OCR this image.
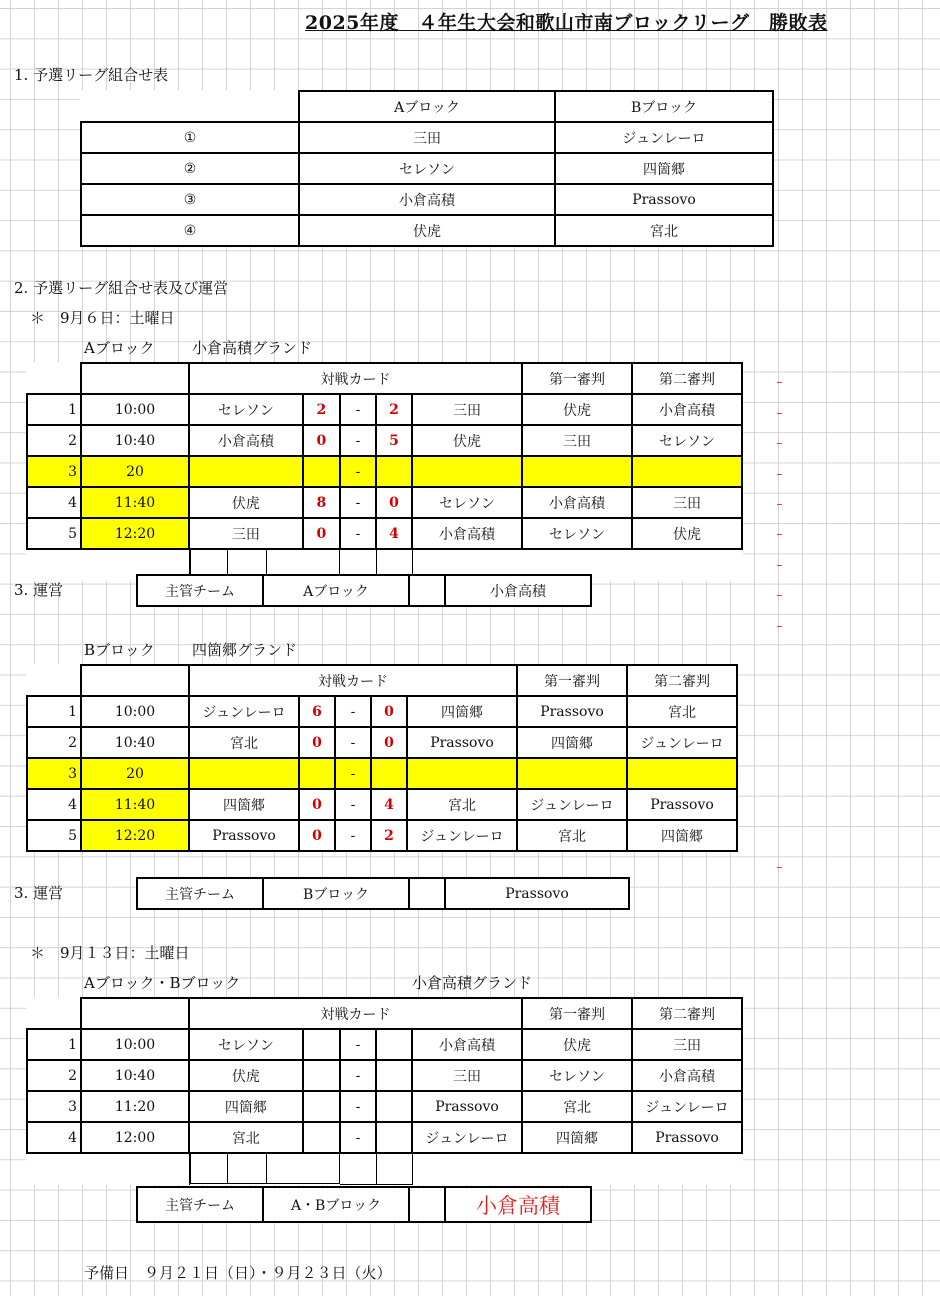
2025年度　４年生大会和歌山市南ブロックリーグ　勝敗表
1. 予選リーグ組合せ表
	Aブロック	Bブロック
①	三田	ジュンレーロ
②	セレソン	四箇郷
③	小倉高積	Prassovo
④	伏虎	宮北
2. 予選リーグ組合せ表及び運営
＊　9月６日：土曜日
Aブロック 小倉高積グランド
		対戦カード					第一審判	第二審判
1	10:00	セレソン	2	-	2	三田	伏虎	小倉高積
2	10:40	小倉高積	0	-	5	伏虎	三田	セレソン
3	20			-				
4	11:40	伏虎	8	-	0	セレソン	小倉高積	三田
5	12:20	三田	0	-	4	小倉高積	セレソン	伏虎

3. 運営	主管チーム	Aブロック		小倉高積
Bブロック 四箇郷グランド
		対戦カード					第一審判	第二審判
1	10:00	ジュンレーロ	6	-	0	四箇郷	Prassovo	宮北
2	10:40	宮北	0	-	0	Prassovo	四箇郷	ジュンレーロ
3	20			-				
4	11:40	四箇郷	0	-	4	宮北	ジュンレーロ	Prassovo
5	12:20	Prassovo	0	-	2	ジュンレーロ	宮北	四箇郷
3. 運営	主管チーム	Bブロック		Prassovo
＊　9月１３日：土曜日
Aブロック・Bブロック	小倉高積グランド
		対戦カード					第一審判	第二審判
1	10:00	セレソン		-		小倉高積	伏虎	三田
2	10:40	伏虎		-		三田	セレソン	小倉高積
3	11:20	四箇郷		-		Prassovo	宮北	ジュンレーロ
4	12:00	宮北		-		ジュンレーロ	四箇郷	Prassovo

主管チーム	A・Bブロック		小倉高積
予備日　９月２１日（日）・９月２３日（火）
